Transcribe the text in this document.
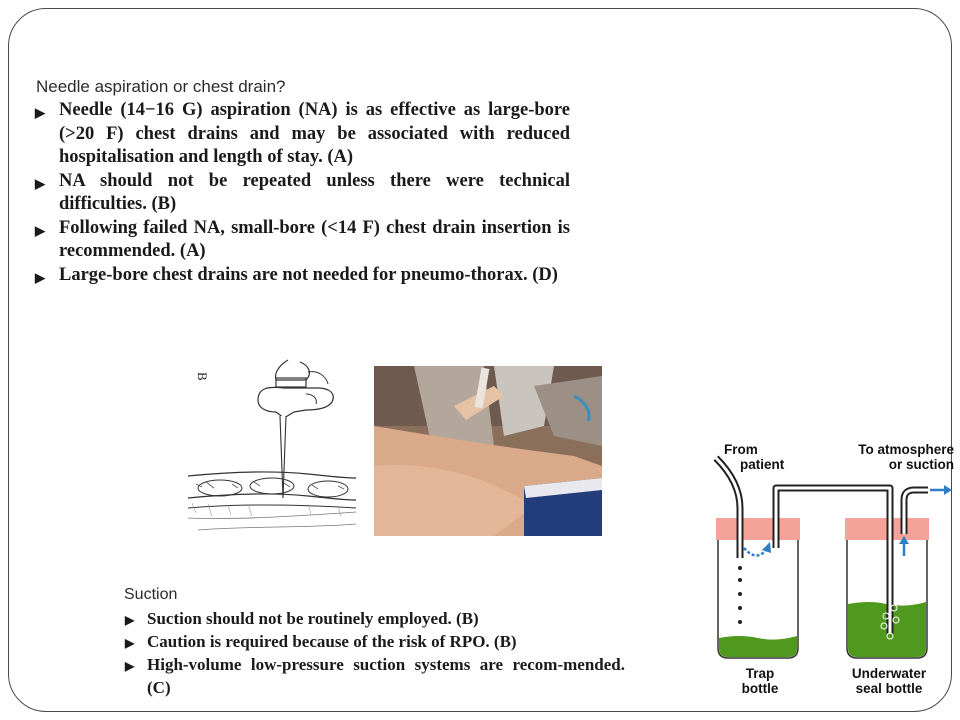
Needle aspiration or chest drain?
▶ Needle (14−16 G) aspiration (NA) is as effective as large-bore (>20 F) chest drains and may be associated with reduced hospitalisation and length of stay. (A)
▶ NA should not be repeated unless there were technical difficulties. (B)
▶ Following failed NA, small-bore (<14 F) chest drain insertion is recommended. (A)
▶ Large-bore chest drains are not needed for pneumo-thorax. (D)
B
Suction
▶ Suction should not be routinely employed. (B)
▶ Caution is required because of the risk of RPO. (B)
▶ High-volume low-pressure suction systems are recom-mended. (C)
From
patient
To atmosphere
or suction
Trap
bottle
Underwater
seal bottle
